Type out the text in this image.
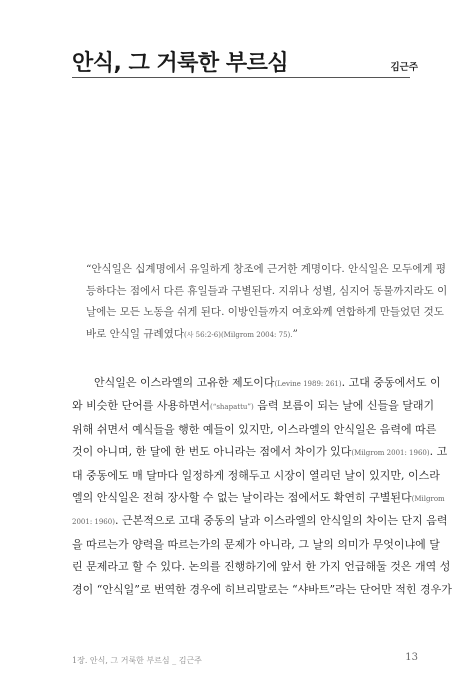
안식, 그 거룩한 부르심	김근주
“안식일은 십계명에서 유일하게 창조에 근거한 계명이다. 안식일은 모두에게 평
등하다는 점에서 다른 휴일들과 구별된다. 지위나 성별, 심지어 동물까지라도 이
날에는 모든 노동을 쉬게 된다. 이방인들까지 여호와께 연합하게 만들었던 것도
바로 안식일 규례였다(사 56:2-6)(Milgrom 2004: 75).”
안식일은 이스라엘의 고유한 제도이다(Levine 1989: 261). 고대 중동에서도 이
와 비슷한 단어를 사용하면서(“shapattu”) 음력 보름이 되는 날에 신들을 달래기
위해 쉬면서 예식들을 행한 예들이 있지만, 이스라엘의 안식일은 음력에 따른
것이 아니며, 한 달에 한 번도 아니라는 점에서 차이가 있다(Milgrom 2001: 1960). 고
대 중동에도 매 달마다 일정하게 정해두고 시장이 열리던 날이 있지만, 이스라
엘의 안식일은 전혀 장사할 수 없는 날이라는 점에서도 확연히 구별된다(Milgrom
2001: 1960). 근본적으로 고대 중동의 날과 이스라엘의 안식일의 차이는 단지 음력
을 따르는가 양력을 따르는가의 문제가 아니라, 그 날의 의미가 무엇이냐에 달
린 문제라고 할 수 있다. 논의를 진행하기에 앞서 한 가지 언급해둘 것은 개역 성
경이 “안식일”로 번역한 경우에 히브리말로는 “샤바트”라는 단어만 적힌 경우가
1장. 안식, 그 거룩한 부르심 _ 김근주	13
